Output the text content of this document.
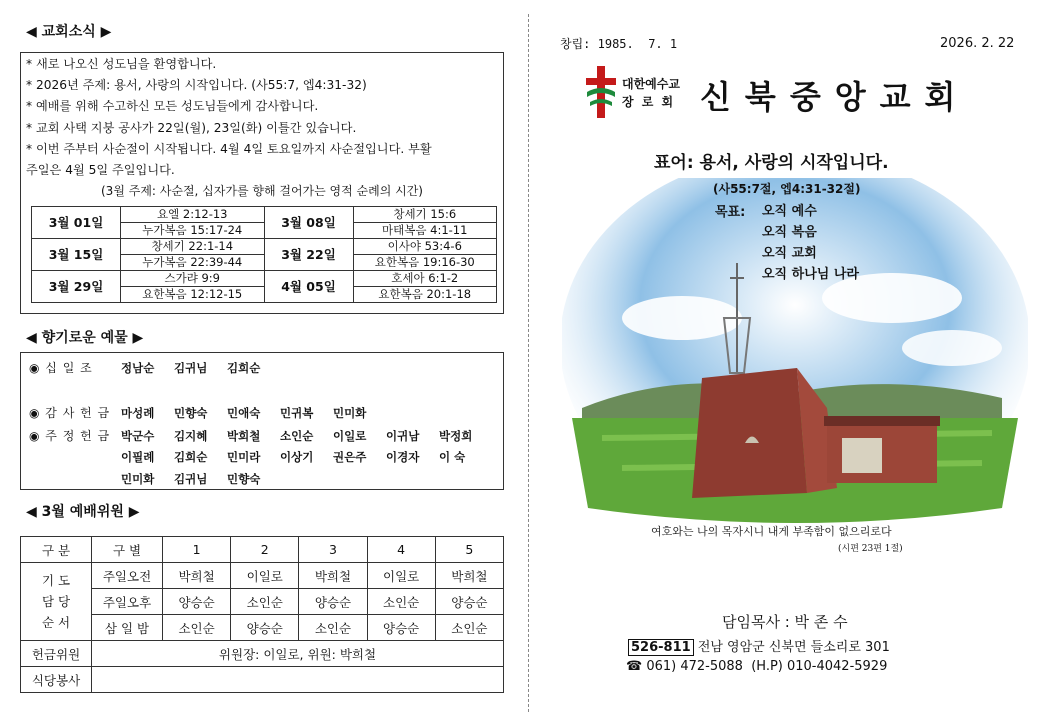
◀ 교회소식 ▶
* 새로 나오신 성도님을 환영합니다.
* 2026년 주제: 용서, 사랑의 시작입니다. (사55:7, 엡4:31-32)
* 예배를 위해 수고하신 모든 성도님들에게 감사합니다.
* 교회 사택 지붕 공사가 22일(월), 23일(화) 이틀간 있습니다.
* 이번 주부터 사순절이 시작됩니다. 4월 4일 토요일까지 사순절입니다. 부활
주일은 4월 5일 주일입니다.
(3월 주제: 사순절, 십자가를 향해 걸어가는 영적 순례의 시간)
3월 01일	요엘 2:12-13	3월 08일	창세기 15:6
	누가복음 15:17-24		마태복음 4:1-11
3월 15일	창세기 22:1-14	3월 22일	이사야 53:4-6
	누가복음 22:39-44		요한복음 19:16-30
3월 29일	스가랴 9:9	4월 05일	호세아 6:1-2
	요한복음 12:12-15		요한복음 20:1-18
◀ 향기로운 예물 ▶
◉ 십 일 조 정남순 김귀님 김희순
◉ 감 사 헌 금 마성례 민향숙 민애숙 민귀복 민미화
◉ 주 정 헌 금 박군수 김지혜 박희철 소인순 이일로 이귀남 박정희
이필례 김희순 민미라 이상기 권은주 이경자 이 숙
민미화 김귀님 민향숙
◀ 3월 예배위원 ▶
구 분	구 별	1	2	3	4	5

기 도
담 당
순 서	주일오전	박희철	이일로	박희철	이일로	박희철
	주일오후	양승순	소인순	양승순	소인순	양승순
	삼 일 밤	소인순	양승순	소인순	양승순	소인순
헌금위원	위원장: 이일로, 위원: 박희철					
식당봉사						
창립: 1985.  7. 1	2026. 2. 22
대한예수교
장 로 회 신북중앙교회
표어: 용서, 사랑의 시작입니다.
(사55:7절, 엡4:31-32절)
목표: 오직 예수
오직 복음
오직 교회
오직 하나님 나라
여호와는 나의 목자시니 내게 부족함이 없으리로다
(시편 23편 1절)
담임목사 : 박 존 수
526-811 전남 영암군 신북면 들소리로 301
☎ 061) 472-5088  (H.P) 010-4042-5929
